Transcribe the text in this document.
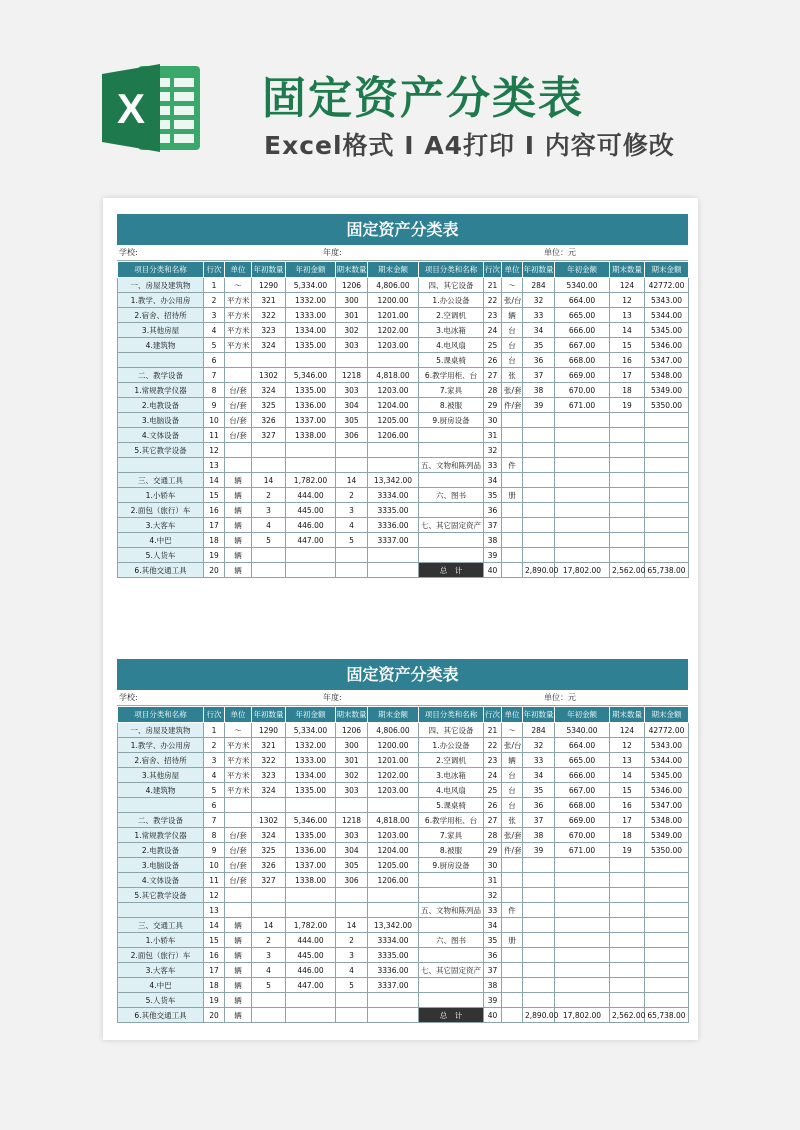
X	固定资产分类表
Excel格式 I A4打印 I 内容可修改
固定资产分类表
学校:	年度:	单位：元
项目分类和名称	行次	单位	年初数量	年初金额	期末数量	期末金额	项目分类和名称	行次	单位	年初数量	年初金额	期末数量	期末金额
一、房屋及建筑物	1	～	1290	5,334.00	1206	4,806.00	四、其它设备	21	～	284	5340.00	124	42772.00
1.教学、办公用房	2	平方米	321	1332.00	300	1200.00	1.办公设备	22	张/台	32	664.00	12	5343.00
2.宿舍、招待所	3	平方米	322	1333.00	301	1201.00	2.空调机	23	辆	33	665.00	13	5344.00
3.其他房屋	4	平方米	323	1334.00	302	1202.00	3.电冰箱	24	台	34	666.00	14	5345.00
4.建筑物	5	平方米	324	1335.00	303	1203.00	4.电风扇	25	台	35	667.00	15	5346.00
	6						5.课桌椅	26	台	36	668.00	16	5347.00
二、教学设备	7		1302	5,346.00	1218	4,818.00	6.教学用柜、台	27	张	37	669.00	17	5348.00
1.常规教学仪器	8	台/套	324	1335.00	303	1203.00	7.家具	28	张/套	38	670.00	18	5349.00
2.电教设备	9	台/套	325	1336.00	304	1204.00	8.被服	29	件/套	39	671.00	19	5350.00
3.电脑设备	10	台/套	326	1337.00	305	1205.00	9.厨房设备	30					
4.文体设备	11	台/套	327	1338.00	306	1206.00		31					
5.其它教学设备	12							32					
	13						五、文物和陈列品	33	件				
三、交通工具	14	辆	14	1,782.00	14	13,342.00		34					
1.小轿车	15	辆	2	444.00	2	3334.00	六、图书	35	册				
2.面包（旅行）车	16	辆	3	445.00	3	3335.00		36					
3.大客车	17	辆	4	446.00	4	3336.00	七、其它固定资产	37					
4.中巴	18	辆	5	447.00	5	3337.00		38					
5.人货车	19	辆						39					
6.其他交通工具	20	辆					总　计	40		2,890.00	17,802.00	2,562.00	65,738.00
固定资产分类表
学校:	年度:	单位：元
项目分类和名称	行次	单位	年初数量	年初金额	期末数量	期末金额	项目分类和名称	行次	单位	年初数量	年初金额	期末数量	期末金额
一、房屋及建筑物	1	～	1290	5,334.00	1206	4,806.00	四、其它设备	21	～	284	5340.00	124	42772.00
1.教学、办公用房	2	平方米	321	1332.00	300	1200.00	1.办公设备	22	张/台	32	664.00	12	5343.00
2.宿舍、招待所	3	平方米	322	1333.00	301	1201.00	2.空调机	23	辆	33	665.00	13	5344.00
3.其他房屋	4	平方米	323	1334.00	302	1202.00	3.电冰箱	24	台	34	666.00	14	5345.00
4.建筑物	5	平方米	324	1335.00	303	1203.00	4.电风扇	25	台	35	667.00	15	5346.00
	6						5.课桌椅	26	台	36	668.00	16	5347.00
二、教学设备	7		1302	5,346.00	1218	4,818.00	6.教学用柜、台	27	张	37	669.00	17	5348.00
1.常规教学仪器	8	台/套	324	1335.00	303	1203.00	7.家具	28	张/套	38	670.00	18	5349.00
2.电教设备	9	台/套	325	1336.00	304	1204.00	8.被服	29	件/套	39	671.00	19	5350.00
3.电脑设备	10	台/套	326	1337.00	305	1205.00	9.厨房设备	30					
4.文体设备	11	台/套	327	1338.00	306	1206.00		31					
5.其它教学设备	12							32					
	13						五、文物和陈列品	33	件				
三、交通工具	14	辆	14	1,782.00	14	13,342.00		34					
1.小轿车	15	辆	2	444.00	2	3334.00	六、图书	35	册				
2.面包（旅行）车	16	辆	3	445.00	3	3335.00		36					
3.大客车	17	辆	4	446.00	4	3336.00	七、其它固定资产	37					
4.中巴	18	辆	5	447.00	5	3337.00		38					
5.人货车	19	辆						39					
6.其他交通工具	20	辆					总　计	40		2,890.00	17,802.00	2,562.00	65,738.00
